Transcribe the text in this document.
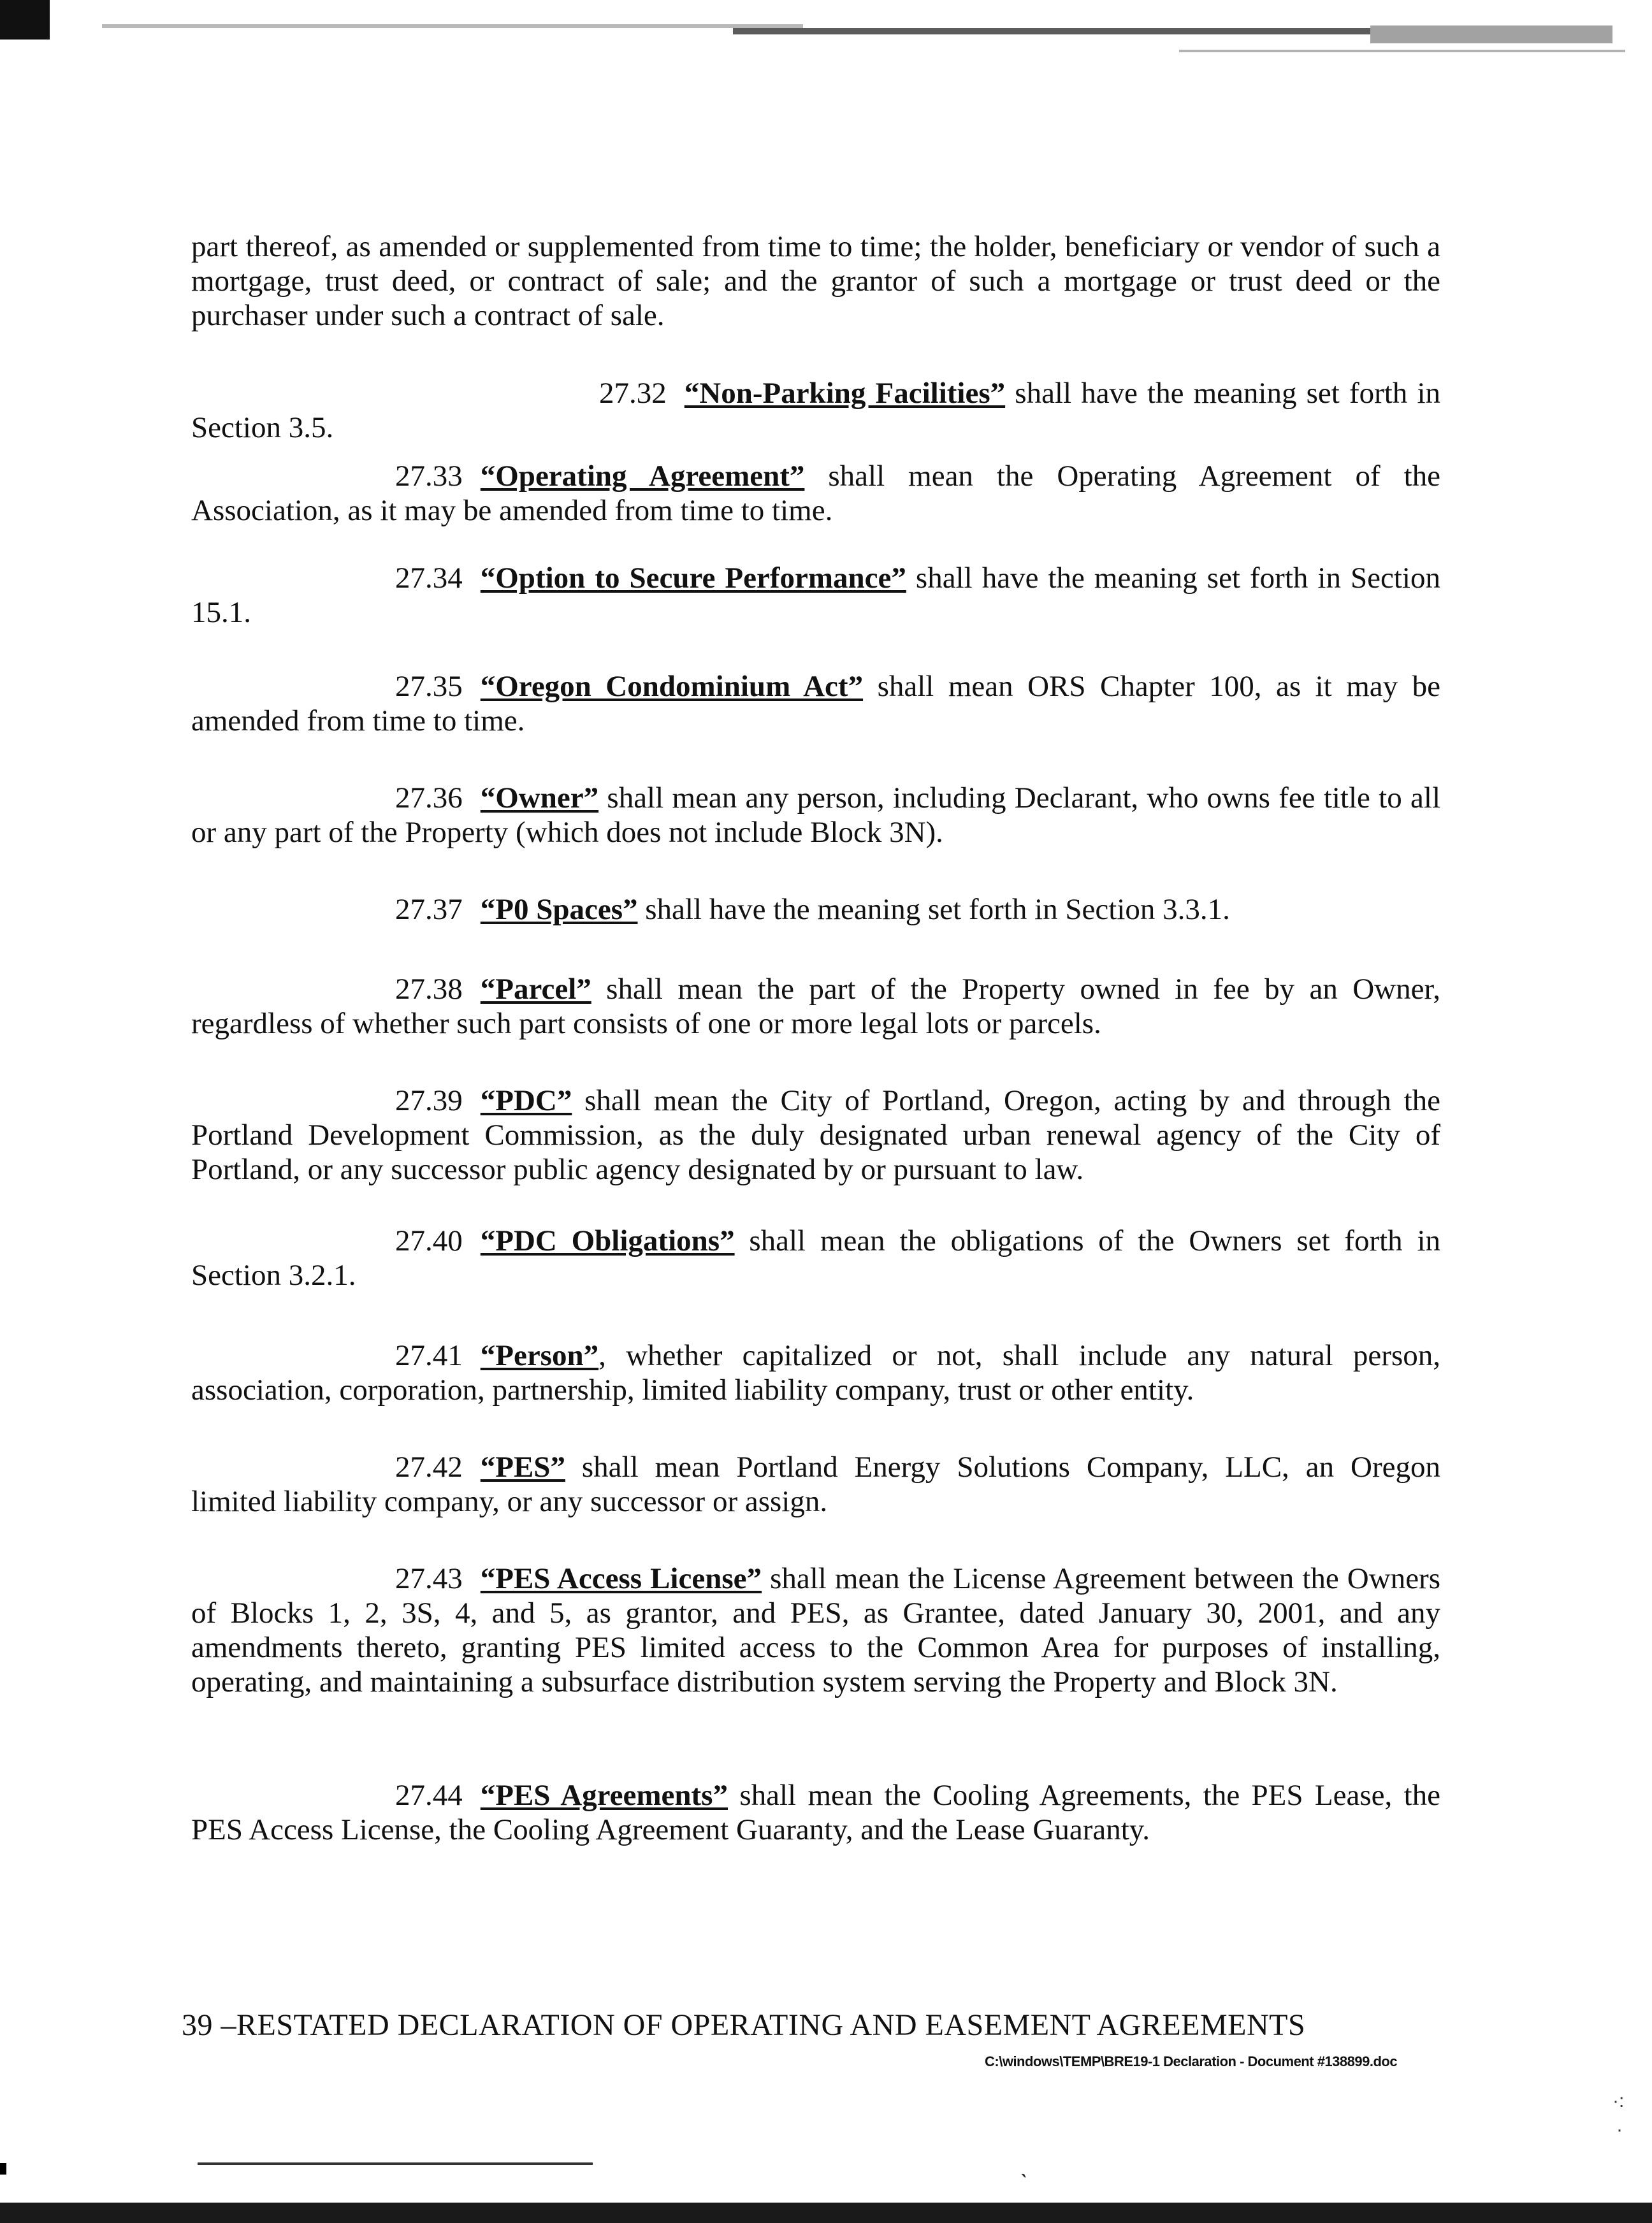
part thereof, as amended or supplemented from time to time; the holder, beneficiary or vendor of such a mortgage, trust deed, or contract of sale; and the grantor of such a mortgage or trust deed or the purchaser under such a contract of sale.
27.32 “Non-Parking Facilities” shall have the meaning set forth in Section 3.5.
27.33 “Operating Agreement” shall mean the Operating Agreement of the Association, as it may be amended from time to time.
27.34 “Option to Secure Performance” shall have the meaning set forth in Section 15.1.
27.35 “Oregon Condominium Act” shall mean ORS Chapter 100, as it may be amended from time to time.
27.36 “Owner” shall mean any person, including Declarant, who owns fee title to all or any part of the Property (which does not include Block 3N).
27.37 “P0 Spaces” shall have the meaning set forth in Section 3.3.1.
27.38 “Parcel” shall mean the part of the Property owned in fee by an Owner, regardless of whether such part consists of one or more legal lots or parcels.
27.39 “PDC” shall mean the City of Portland, Oregon, acting by and through the Portland Development Commission, as the duly designated urban renewal agency of the City of Portland, or any successor public agency designated by or pursuant to law.
27.40 “PDC Obligations” shall mean the obligations of the Owners set forth in Section 3.2.1.
27.41 “Person”, whether capitalized or not, shall include any natural person, association, corporation, partnership, limited liability company, trust or other entity.
27.42 “PES” shall mean Portland Energy Solutions Company, LLC, an Oregon limited liability company, or any successor or assign.
27.43 “PES Access License” shall mean the License Agreement between the Owners of Blocks 1, 2, 3S, 4, and 5, as grantor, and PES, as Grantee, dated January 30, 2001, and any amendments thereto, granting PES limited access to the Common Area for purposes of installing, operating, and maintaining a subsurface distribution system serving the Property and Block 3N.
27.44 “PES Agreements” shall mean the Cooling Agreements, the PES Lease, the PES Access License, the Cooling Agreement Guaranty, and the Lease Guaranty.
39 –RESTATED DECLARATION OF OPERATING AND EASEMENT AGREEMENTS
C:\windows\TEMP\BRE19-1 Declaration - Document #138899.doc
·:
·
ˋ
